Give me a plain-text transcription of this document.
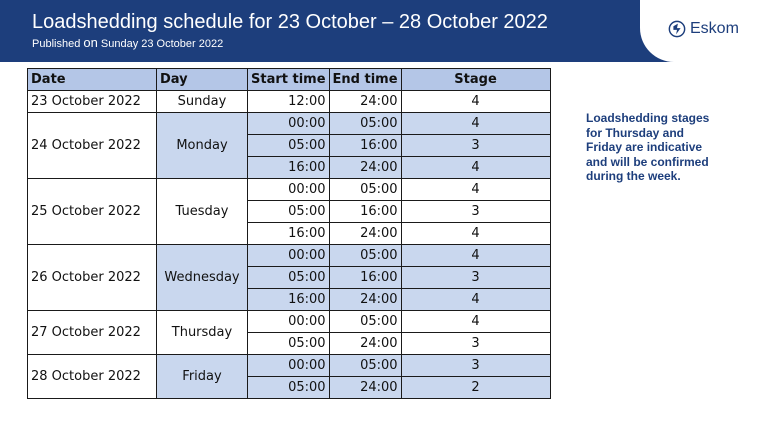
Loadshedding schedule for 23 October – 28 October 2022
Published on Sunday 23 October 2022
Eskom
Date	Day	Start time	End time	Stage
23 October 2022	Sunday	12:00	24:00	4
24 October 2022	Monday	00:00	05:00	4
		05:00	16:00	3
		16:00	24:00	4
25 October 2022	Tuesday	00:00	05:00	4
		05:00	16:00	3
		16:00	24:00	4
26 October 2022	Wednesday	00:00	05:00	4
		05:00	16:00	3
		16:00	24:00	4
27 October 2022	Thursday	00:00	05:00	4
		05:00	24:00	3
28 October 2022	Friday	00:00	05:00	3
		05:00	24:00	2
Loadshedding stages
for Thursday and
Friday are indicative
and will be confirmed
during the week.
